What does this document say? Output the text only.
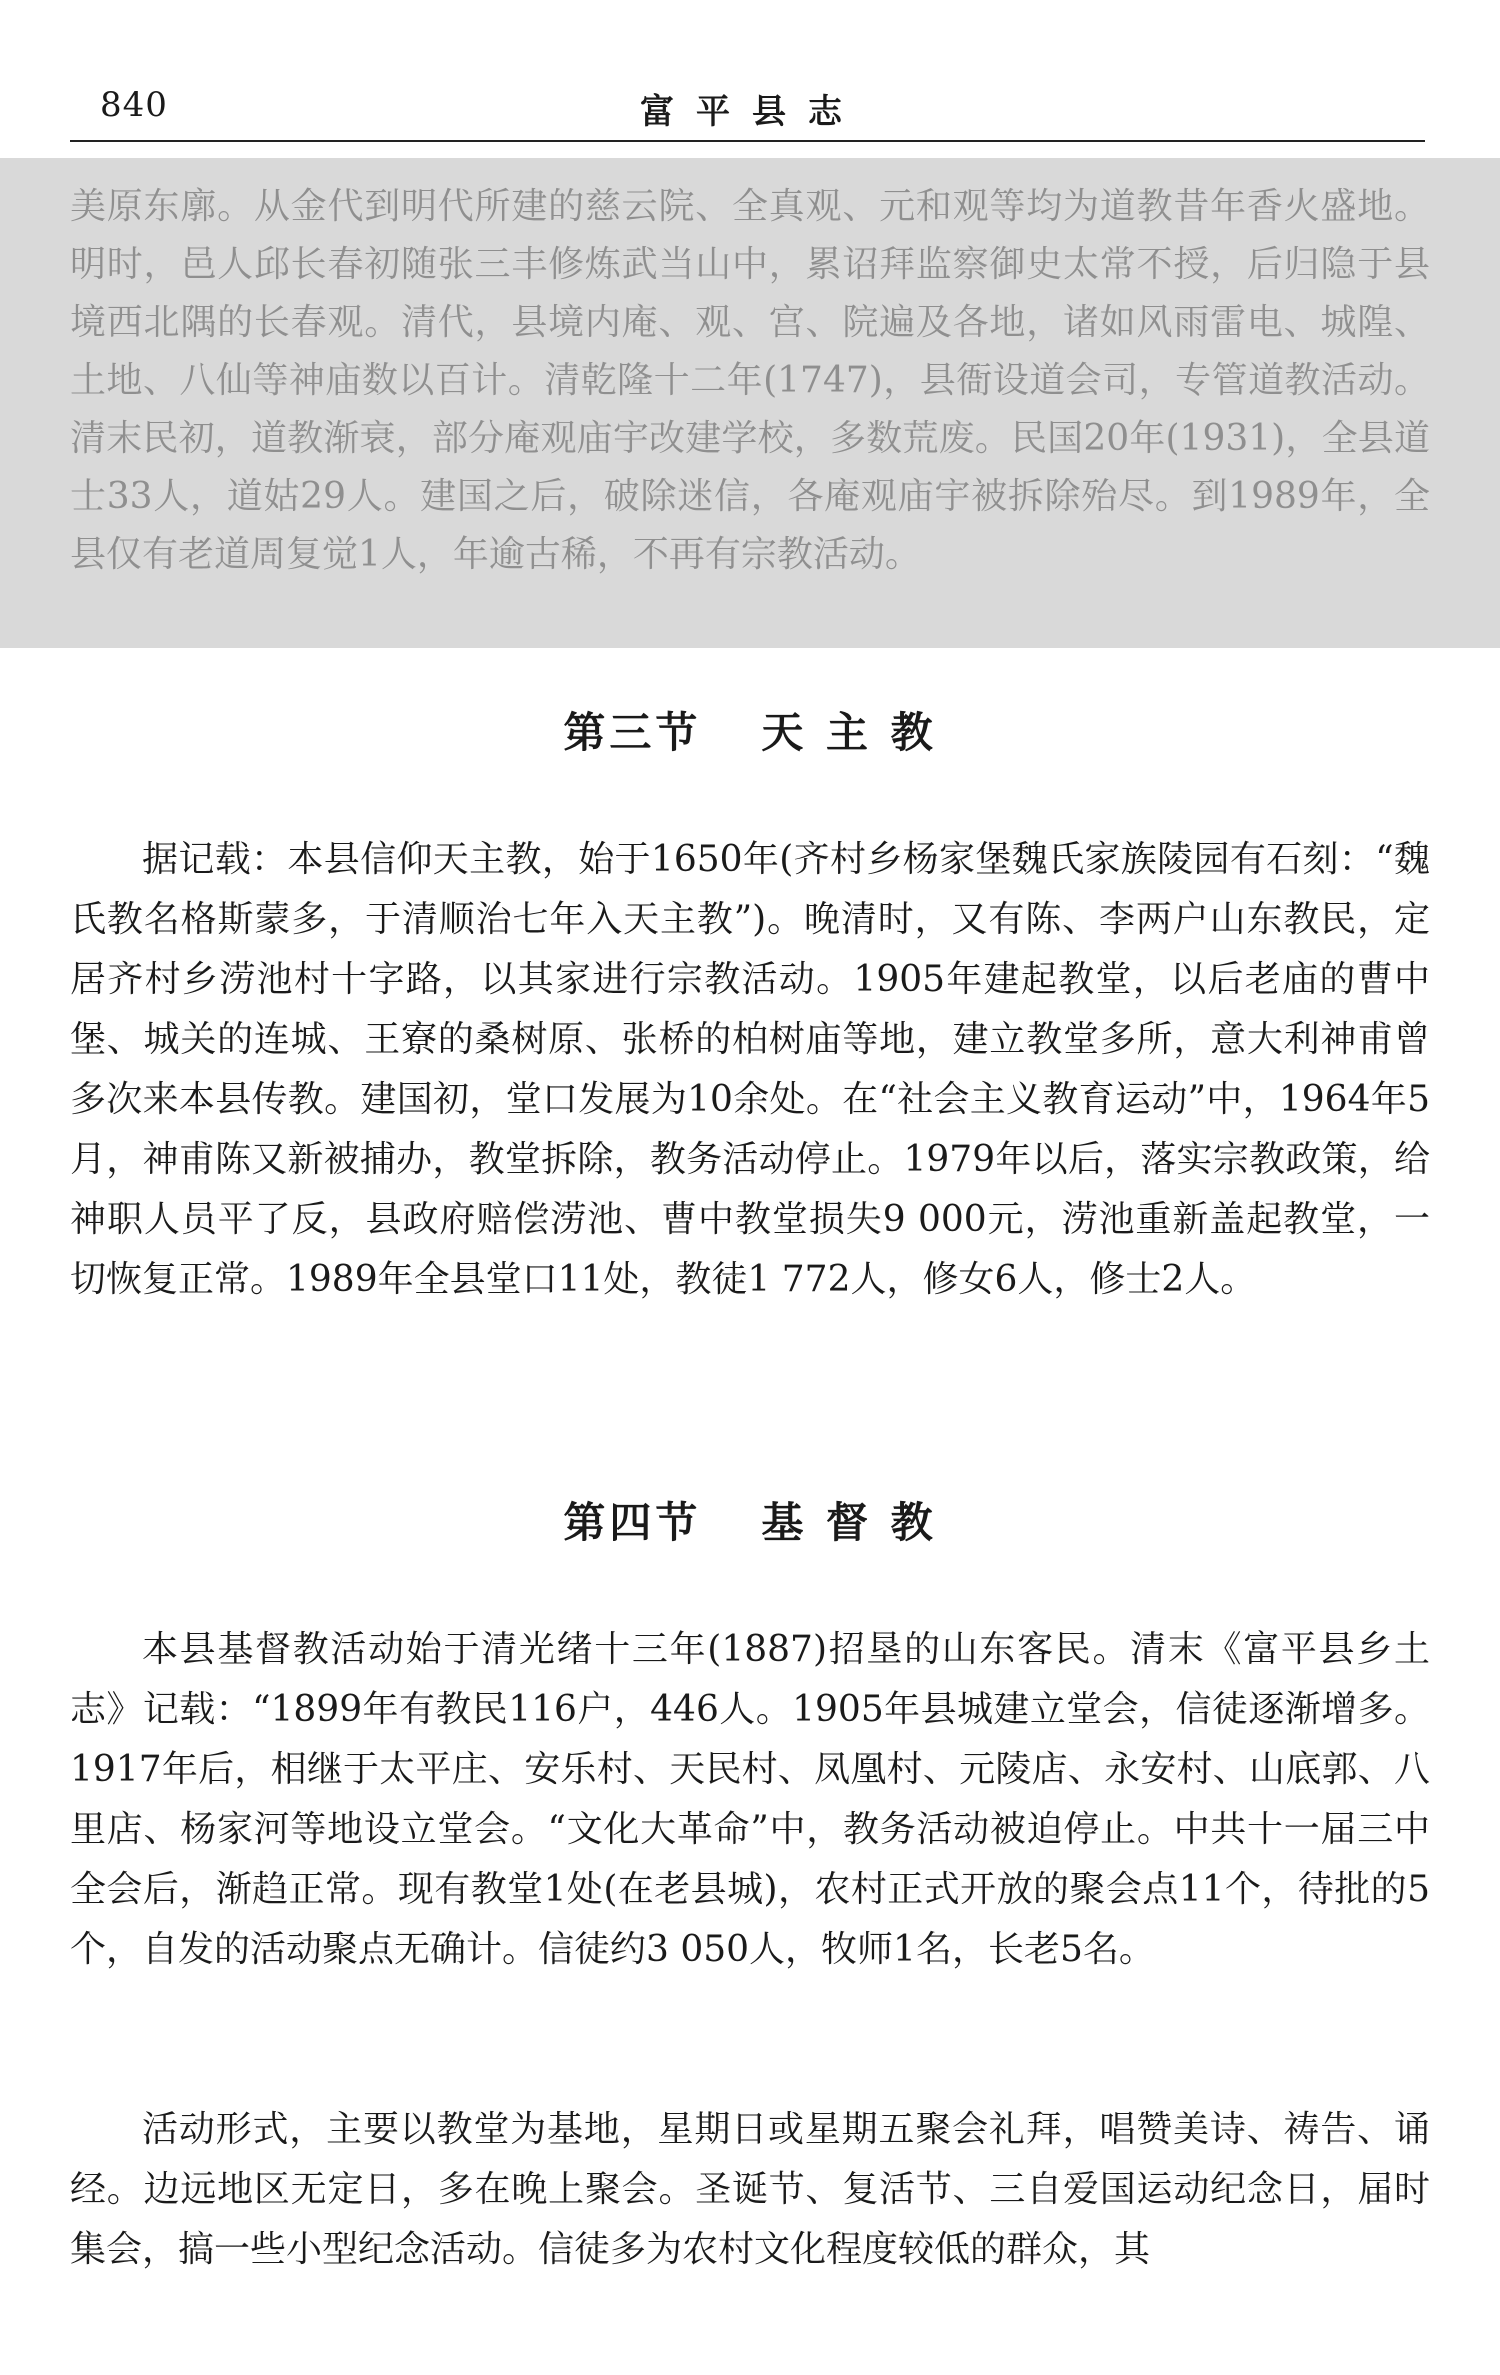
840	富平县志

美原东廓。从金代到明代所建的慈云院、全真观、元和观等均为道教昔年香火盛地。明时，邑人邱长春初随张三丰修炼武当山中，累诏拜监察御史太常不授，后归隐于县境西北隅的长春观。清代，县境内庵、观、宫、院遍及各地，诸如风雨雷电、城隍、土地、八仙等神庙数以百计。清乾隆十二年(1747)，县衙设道会司，专管道教活动。清末民初，道教渐衰，部分庵观庙宇改建学校，多数荒废。民国20年(1931)，全县道士33人，道姑29人。建国之后，破除迷信，各庵观庙宇被拆除殆尽。到1989年，全县仅有老道周复觉1人，年逾古稀，不再有宗教活动。

第三节 天 主 教

据记载：本县信仰天主教，始于1650年(齐村乡杨家堡魏氏家族陵园有石刻：“魏氏教名格斯蒙多，于清顺治七年入天主教”)。晚清时，又有陈、李两户山东教民，定居齐村乡涝池村十字路，以其家进行宗教活动。1905年建起教堂，以后老庙的曹中堡、城关的连城、王寮的桑树原、张桥的柏树庙等地，建立教堂多所，意大利神甫曾多次来本县传教。建国初，堂口发展为10余处。在“社会主义教育运动”中，1964年5月，神甫陈又新被捕办，教堂拆除，教务活动停止。1979年以后，落实宗教政策，给神职人员平了反，县政府赔偿涝池、曹中教堂损失9 000元，涝池重新盖起教堂，一切恢复正常。1989年全县堂口11处，教徒1 772人，修女6人，修士2人。

第四节 基 督 教

本县基督教活动始于清光绪十三年(1887)招垦的山东客民。清末《富平县乡土志》记载：“1899年有教民116户，446人。1905年县城建立堂会，信徒逐渐增多。1917年后，相继于太平庄、安乐村、天民村、凤凰村、元陵店、永安村、山底郭、八里店、杨家河等地设立堂会。“文化大革命”中，教务活动被迫停止。中共十一届三中全会后，渐趋正常。现有教堂1处(在老县城)，农村正式开放的聚会点11个，待批的5个，自发的活动聚点无确计。信徒约3 050人，牧师1名，长老5名。

活动形式，主要以教堂为基地，星期日或星期五聚会礼拜，唱赞美诗、祷告、诵经。边远地区无定日，多在晚上聚会。圣诞节、复活节、三自爱国运动纪念日，届时集会，搞一些小型纪念活动。信徒多为农村文化程度较低的群众，其
